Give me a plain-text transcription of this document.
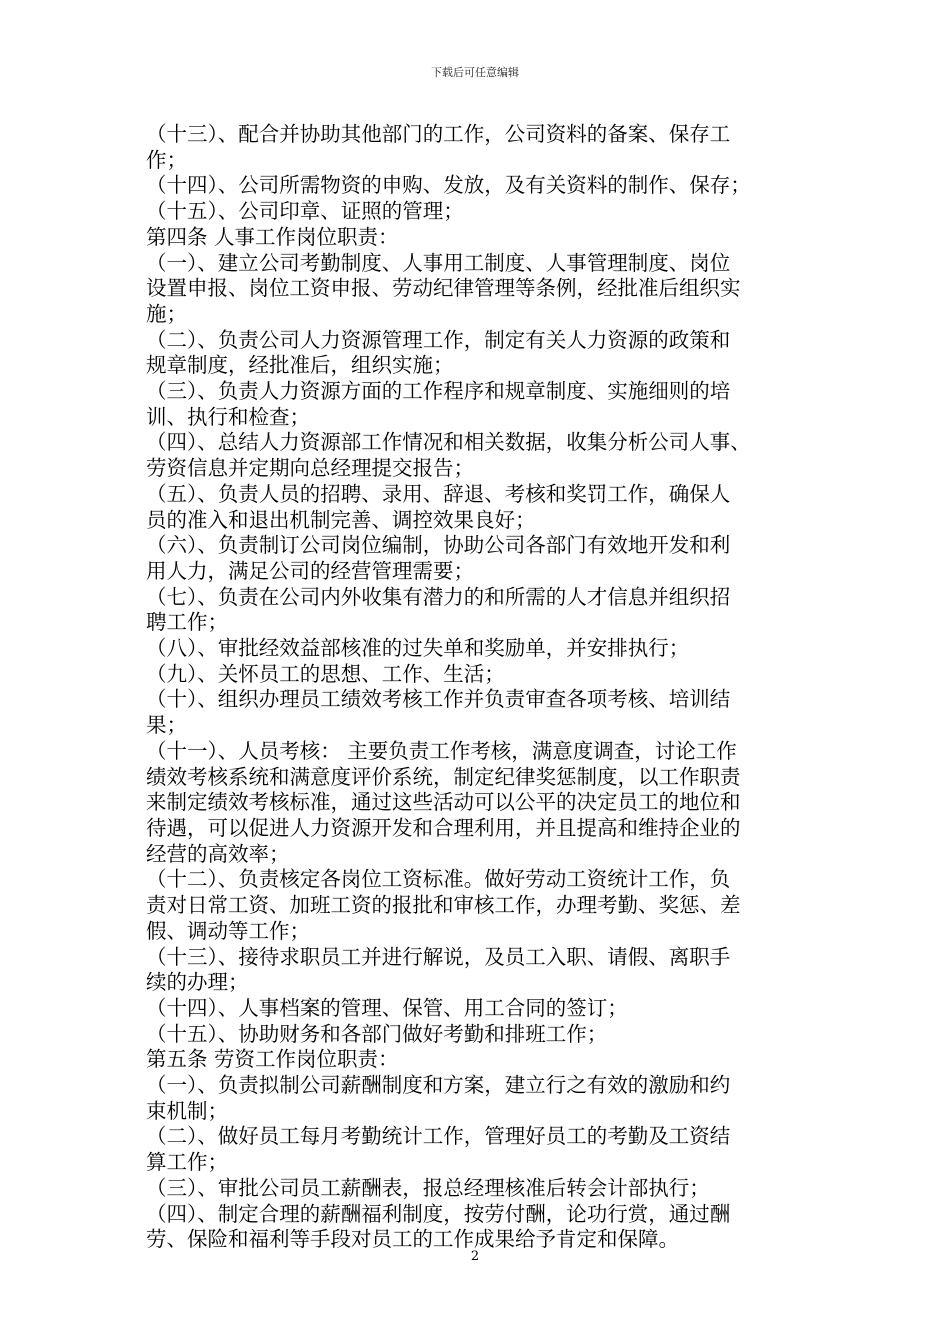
下载后可任意编辑

（十三）、配合并协助其他部门的工作，公司资料的备案、保存工

作；

（十四）、公司所需物资的申购、发放，及有关资料的制作、保存；

（十五）、公司印章、证照的管理；

第四条 人事工作岗位职责：

（一）、建立公司考勤制度、人事用工制度、人事管理制度、岗位

设置申报、岗位工资申报、劳动纪律管理等条例，经批准后组织实

施；

（二）、负责公司人力资源管理工作，制定有关人力资源的政策和

规章制度，经批准后，组织实施；

（三）、负责人力资源方面的工作程序和规章制度、实施细则的培

训、执行和检查；

（四）、总结人力资源部工作情况和相关数据，收集分析公司人事、

劳资信息并定期向总经理提交报告；

（五）、负责人员的招聘、录用、辞退、考核和奖罚工作，确保人

员的准入和退出机制完善、调控效果良好；

（六）、负责制订公司岗位编制，协助公司各部门有效地开发和利

用人力，满足公司的经营管理需要；

（七）、负责在公司内外收集有潜力的和所需的人才信息并组织招

聘工作；

（八）、审批经效益部核准的过失单和奖励单，并安排执行；

（九）、关怀员工的思想、工作、生活；

（十）、组织办理员工绩效考核工作并负责审查各项考核、培训结

果；

（十一）、人员考核： 主要负责工作考核，满意度调查，讨论工作

绩效考核系统和满意度评价系统，制定纪律奖惩制度，以工作职责

来制定绩效考核标准，通过这些活动可以公平的决定员工的地位和

待遇，可以促进人力资源开发和合理利用，并且提高和维持企业的

经营的高效率；

（十二）、负责核定各岗位工资标准。做好劳动工资统计工作，负

责对日常工资、加班工资的报批和审核工作，办理考勤、奖惩、差

假、调动等工作；

（十三）、接待求职员工并进行解说，及员工入职、请假、离职手

续的办理；

（十四）、人事档案的管理、保管、用工合同的签订；

（十五）、协助财务和各部门做好考勤和排班工作；

第五条 劳资工作岗位职责：

（一）、负责拟制公司薪酬制度和方案，建立行之有效的激励和约

束机制；

（二）、做好员工每月考勤统计工作，管理好员工的考勤及工资结

算工作；

（三）、审批公司员工薪酬表，报总经理核准后转会计部执行；

（四）、制定合理的薪酬福利制度，按劳付酬，论功行赏，通过酬

劳、保险和福利等手段对员工的工作成果给予肯定和保障。

2
